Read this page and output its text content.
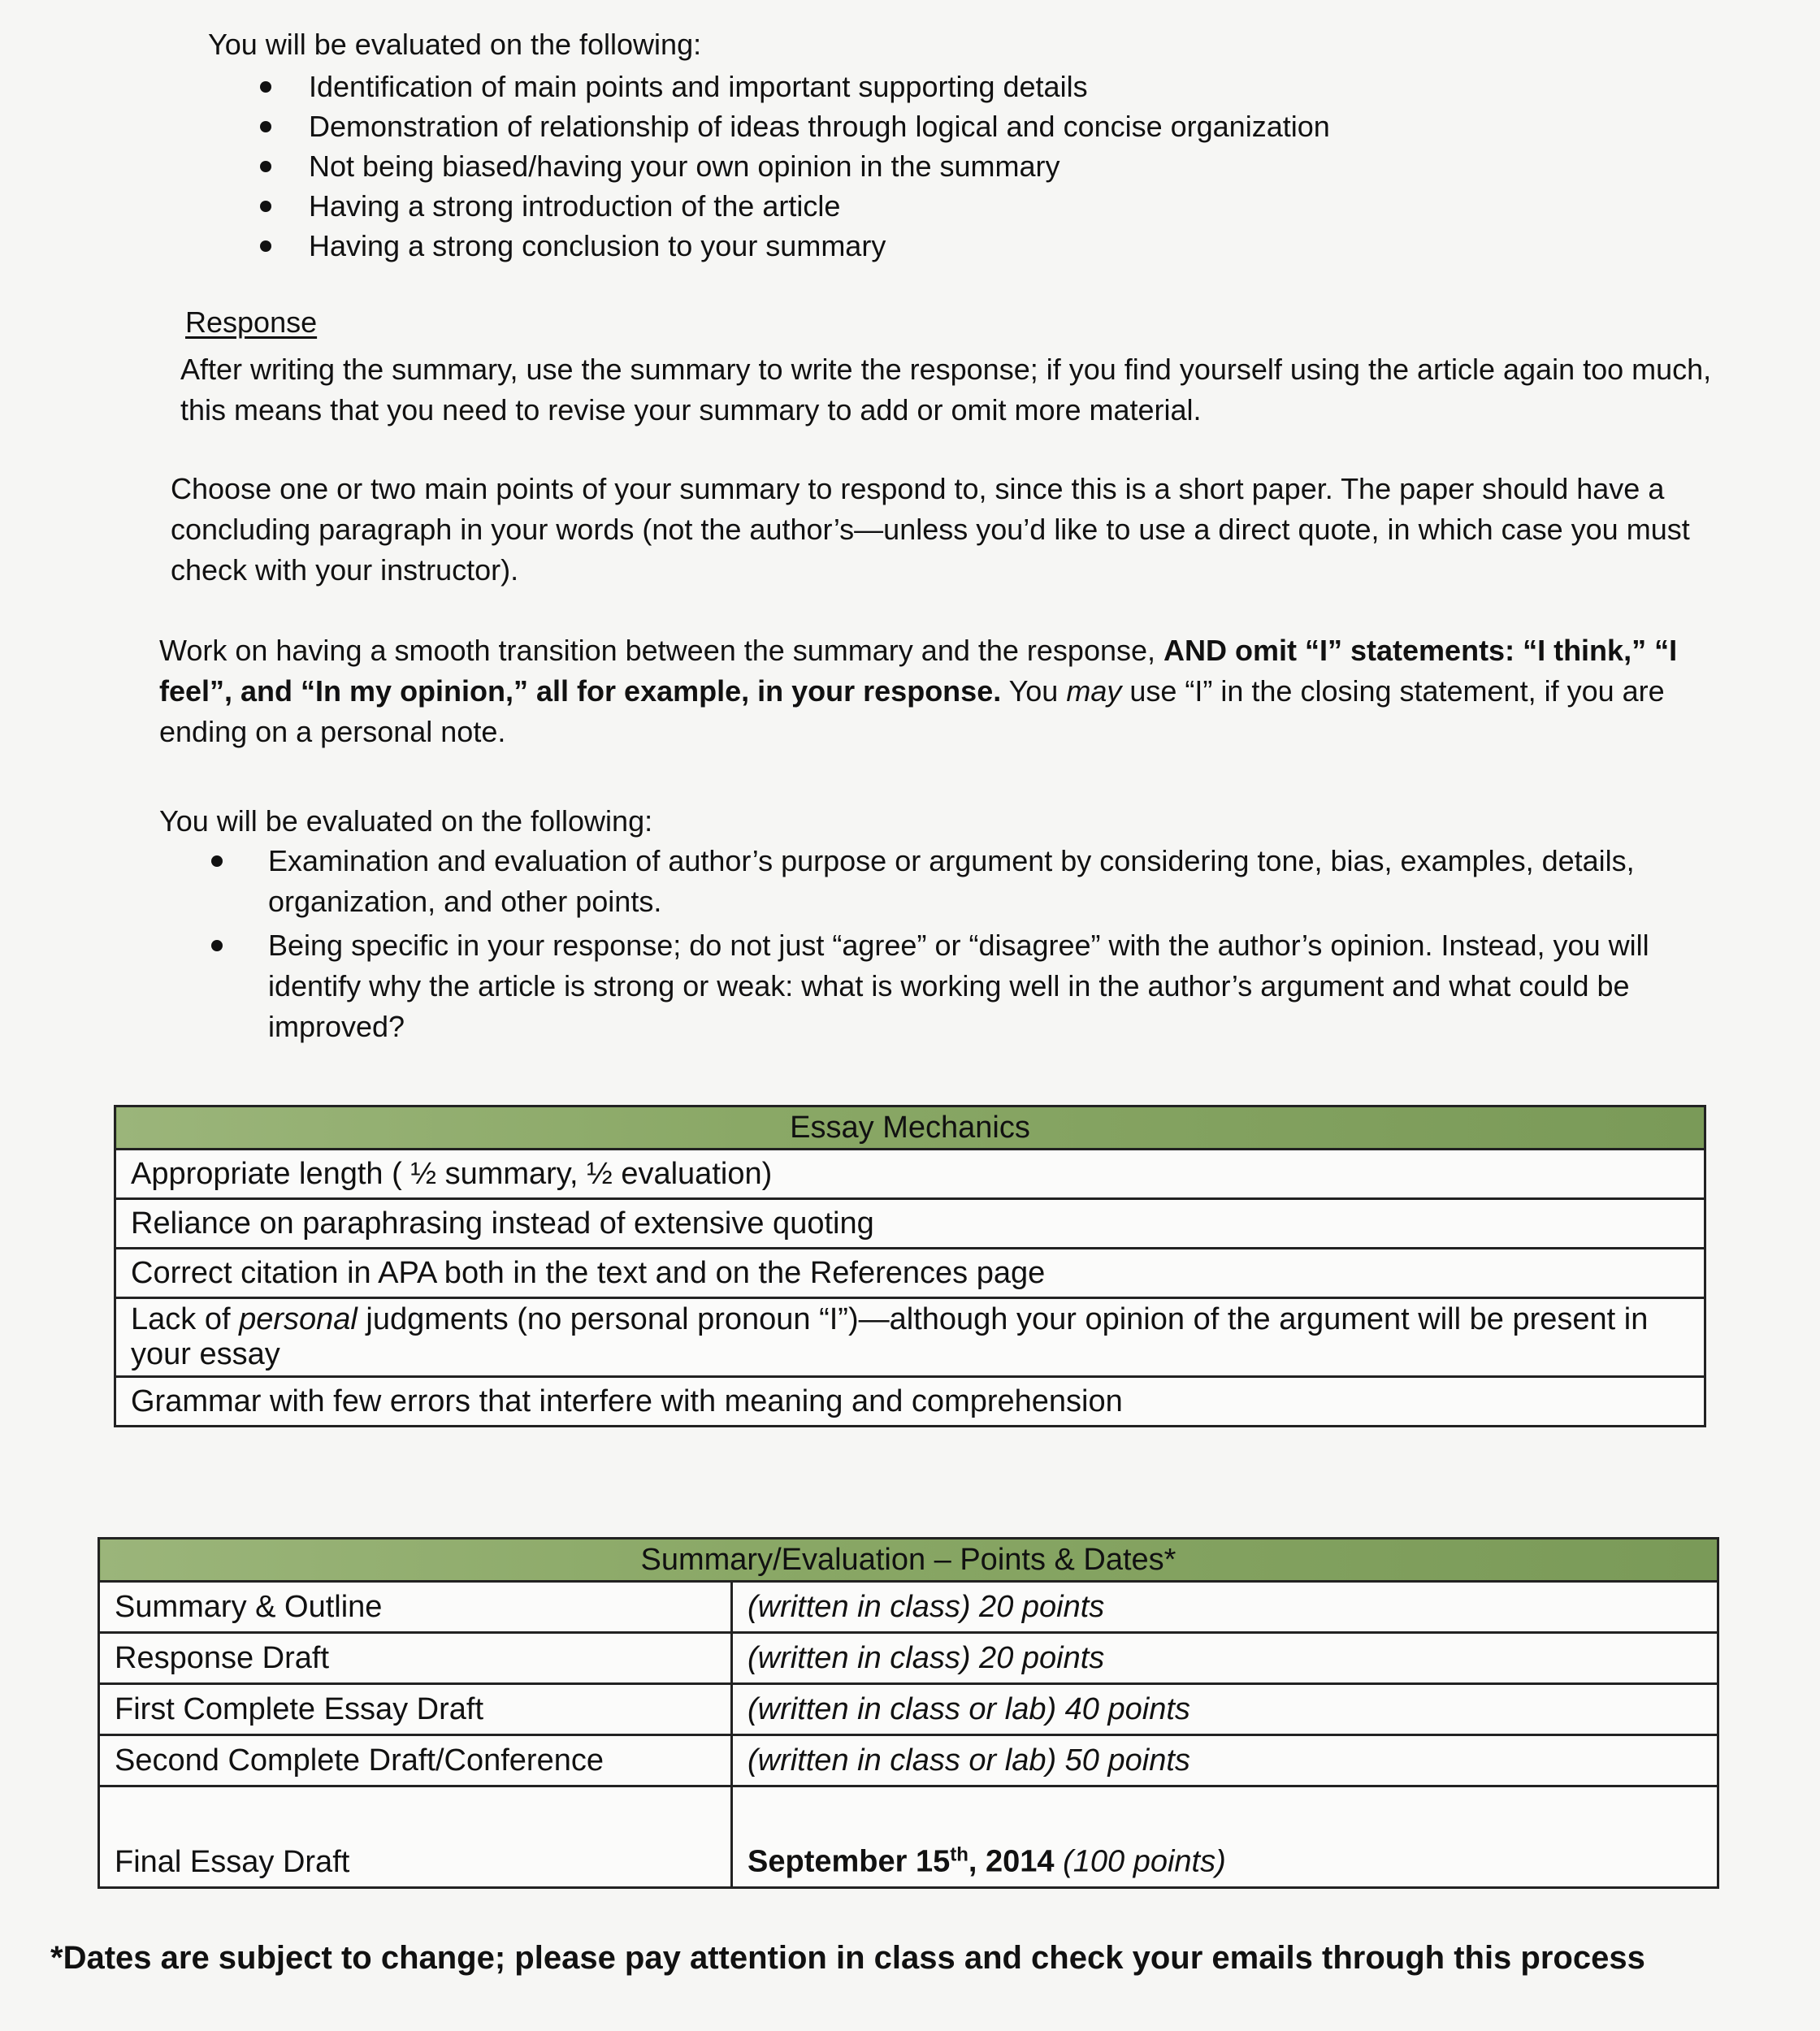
You will be evaluated on the following:
Identification of main points and important supporting details
Demonstration of relationship of ideas through logical and concise organization
Not being biased/having your own opinion in the summary
Having a strong introduction of the article
Having a strong conclusion to your summary
Response
After writing the summary, use the summary to write the response; if you find yourself using the article again too much, this means that you need to revise your summary to add or omit more material.
Choose one or two main points of your summary to respond to, since this is a short paper. The paper should have a concluding paragraph in your words (not the author’s—unless you’d like to use a direct quote, in which case you must check with your instructor).
Work on having a smooth transition between the summary and the response, AND omit “I” statements: “I think,” “I feel”, and “In my opinion,” all for example, in your response. You may use “I” in the closing statement, if you are ending on a personal note.
You will be evaluated on the following:
Examination and evaluation of author’s purpose or argument by considering tone, bias, examples, details, organization, and other points.
Being specific in your response; do not just “agree” or “disagree” with the author’s opinion. Instead, you will identify why the article is strong or weak: what is working well in the author’s argument and what could be improved?
Essay Mechanics
Appropriate length ( ½ summary, ½ evaluation)
Reliance on paraphrasing instead of extensive quoting
Correct citation in APA both in the text and on the References page
Lack of personal judgments (no personal pronoun “I”)—although your opinion of the argument will be present in your essay
Grammar with few errors that interfere with meaning and comprehension
Summary/Evaluation – Points & Dates*	
Summary & Outline	(written in class) 20 points
Response Draft	(written in class) 20 points
First Complete Essay Draft	(written in class or lab) 40 points
Second Complete Draft/Conference	(written in class or lab) 50 points
Final Essay Draft	September 15th, 2014 (100 points)
*Dates are subject to change; please pay attention in class and check your emails through this process
